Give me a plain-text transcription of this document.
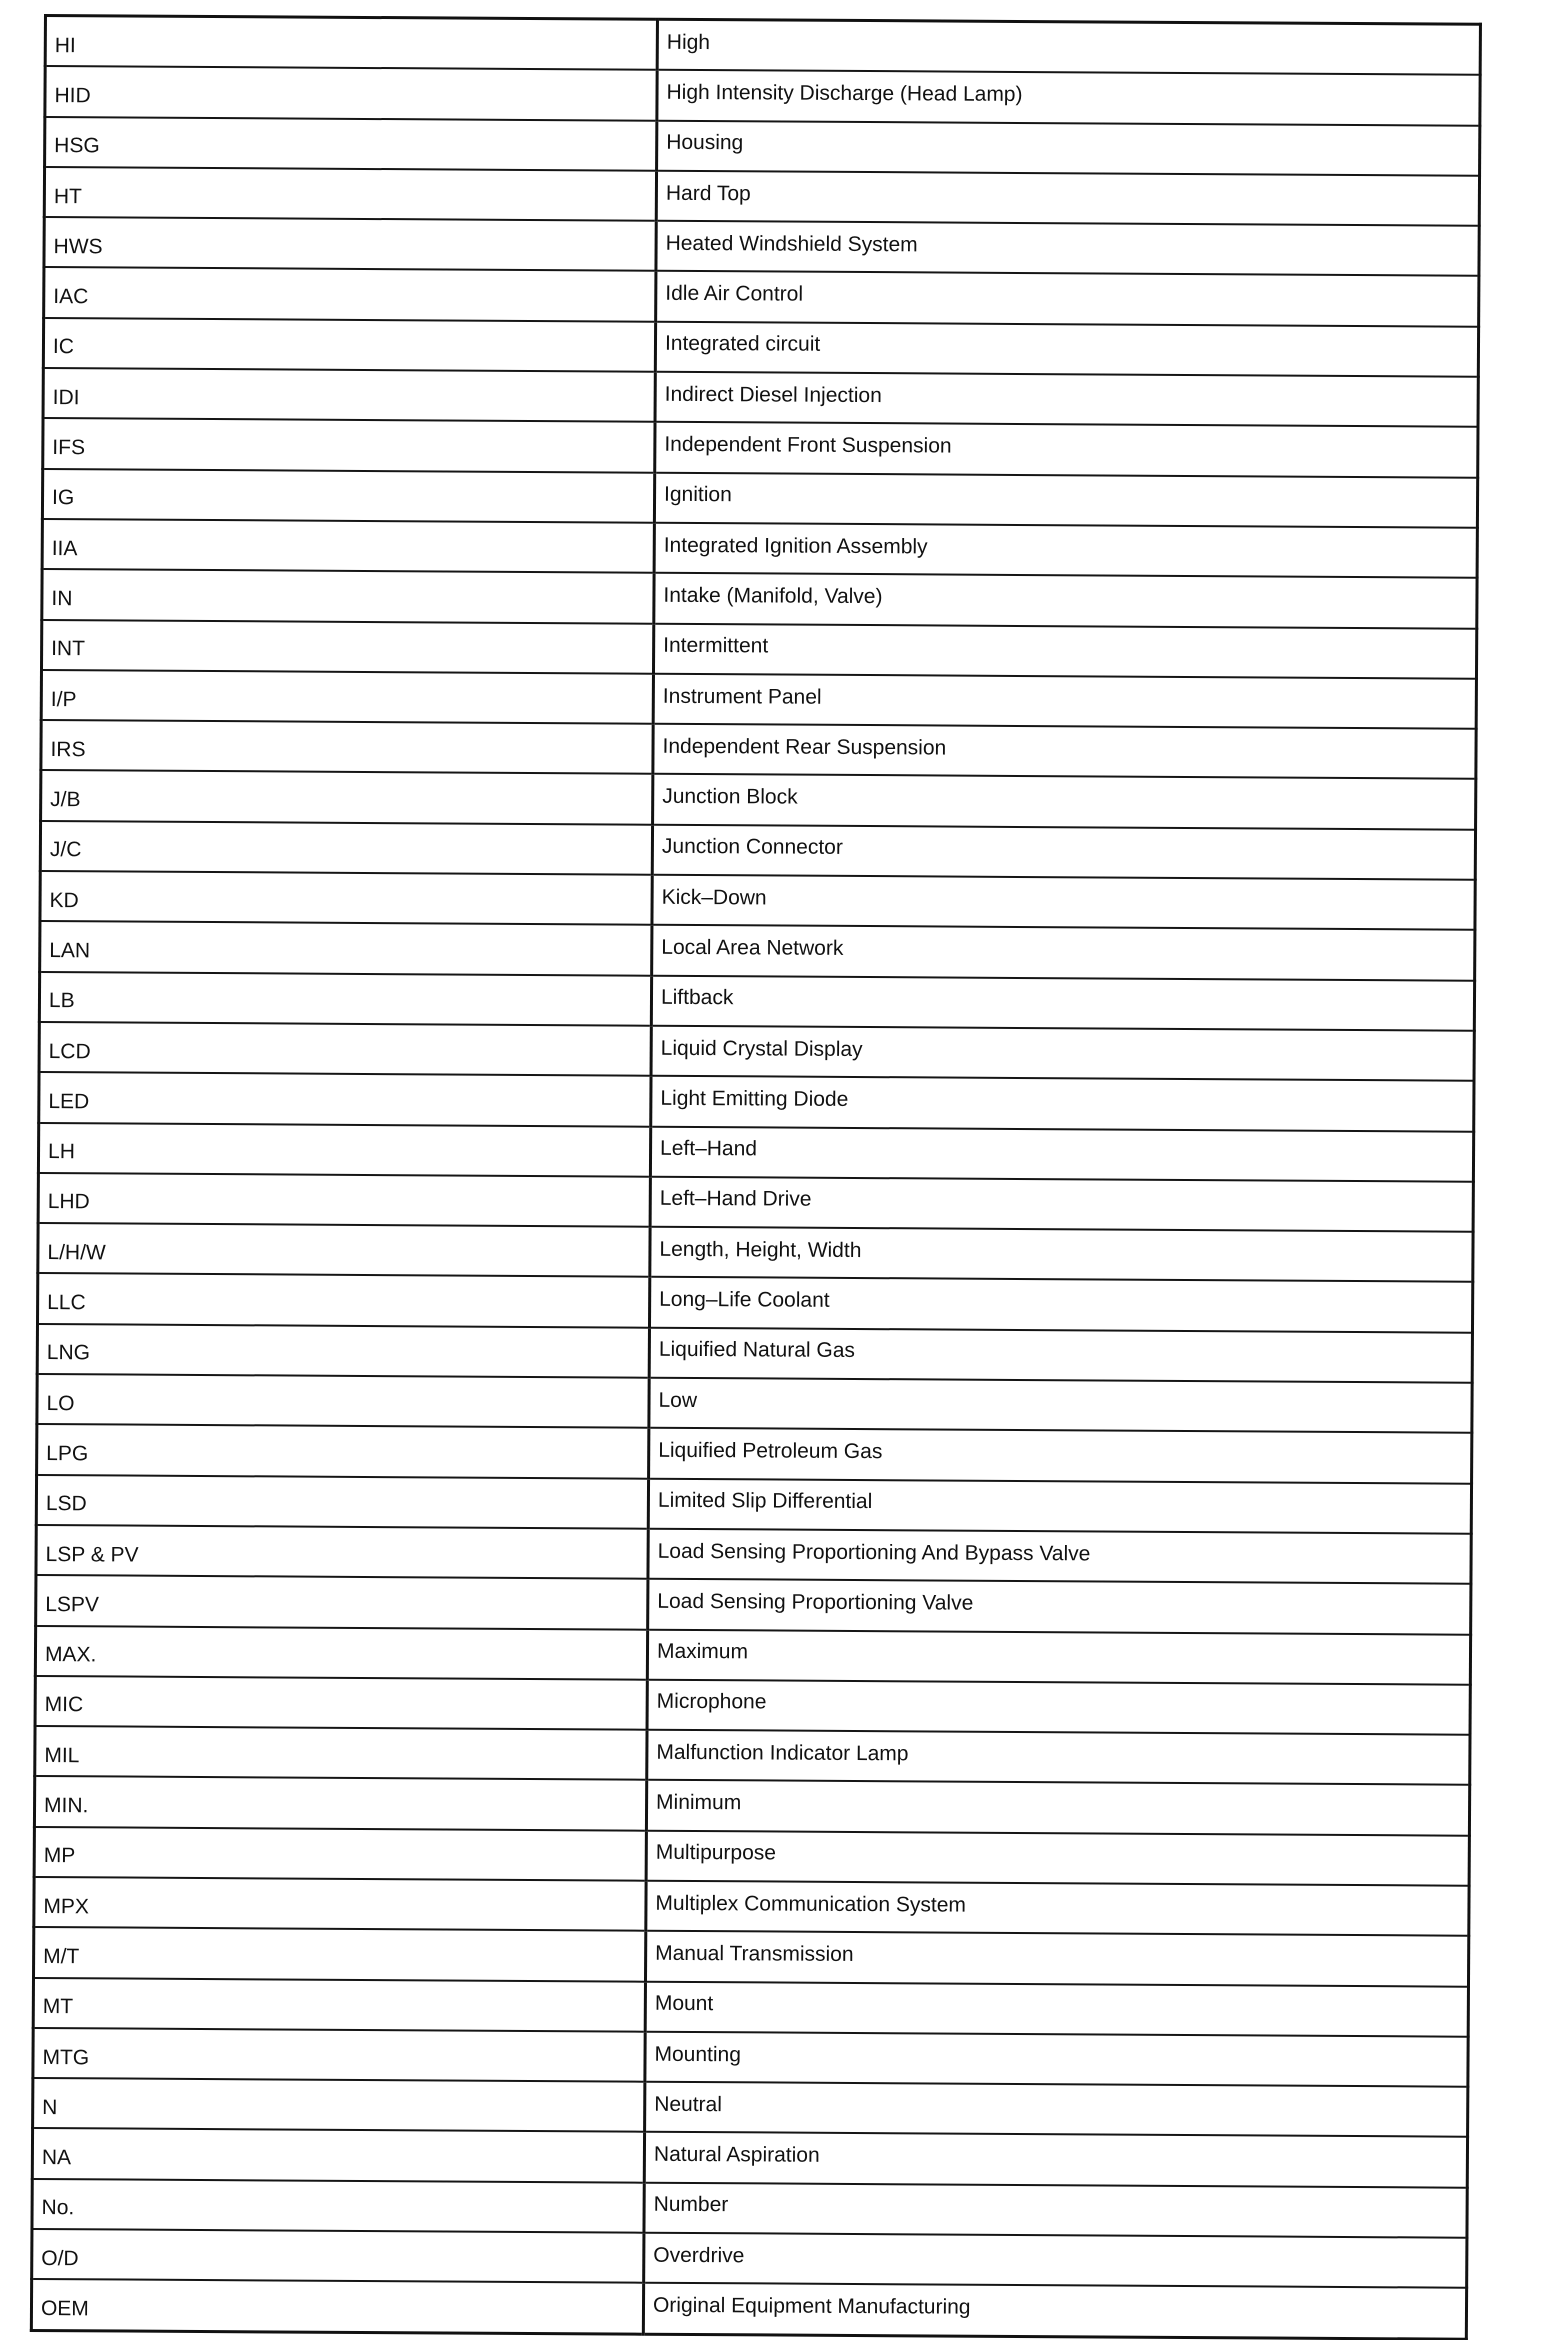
HI	High
HID	High Intensity Discharge (Head Lamp)
HSG	Housing
HT	Hard Top
HWS	Heated Windshield System
IAC	Idle Air Control
IC	Integrated circuit
IDI	Indirect Diesel Injection
IFS	Independent Front Suspension
IG	Ignition
IIA	Integrated Ignition Assembly
IN	Intake (Manifold, Valve)
INT	Intermittent
I/P	Instrument Panel
IRS	Independent Rear Suspension
J/B	Junction Block
J/C	Junction Connector
KD	Kick–Down
LAN	Local Area Network
LB	Liftback
LCD	Liquid Crystal Display
LED	Light Emitting Diode
LH	Left–Hand
LHD	Left–Hand Drive
L/H/W	Length, Height, Width
LLC	Long–Life Coolant
LNG	Liquified Natural Gas
LO	Low
LPG	Liquified Petroleum Gas
LSD	Limited Slip Differential
LSP & PV	Load Sensing Proportioning And Bypass Valve
LSPV	Load Sensing Proportioning Valve
MAX.	Maximum
MIC	Microphone
MIL	Malfunction Indicator Lamp
MIN.	Minimum
MP	Multipurpose
MPX	Multiplex Communication System
M/T	Manual Transmission
MT	Mount
MTG	Mounting
N	Neutral
NA	Natural Aspiration
No.	Number
O/D	Overdrive
OEM	Original Equipment Manufacturing
